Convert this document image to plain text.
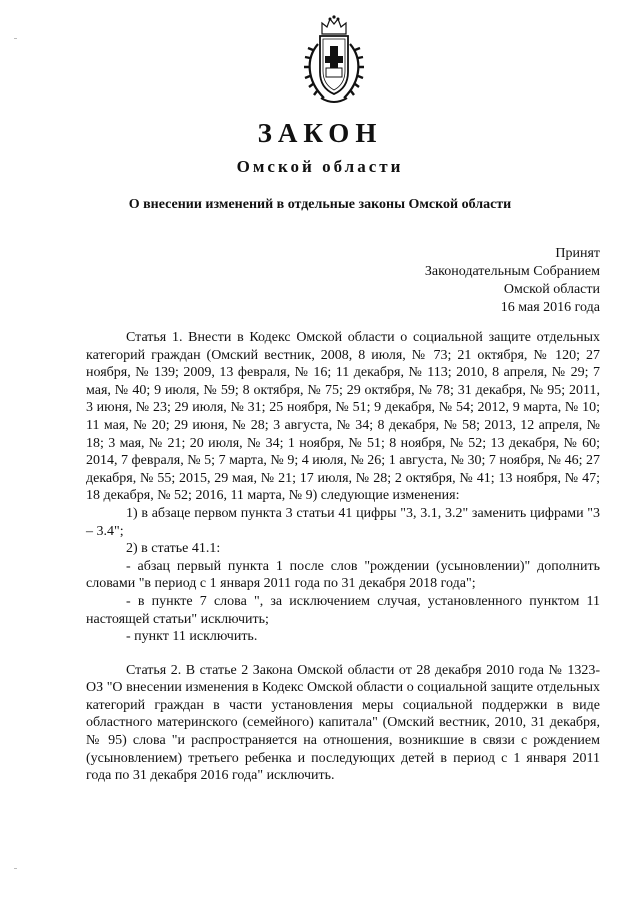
ЗАКОН
Омской области
О внесении изменений в отдельные законы Омской области
Принят
Законодательным Собранием
Омской области
16 мая 2016 года

Статья 1. Внести в Кодекс Омской области о социальной защите отдельных категорий граждан (Омский вестник, 2008, 8 июля, № 73; 21 октября, № 120; 27 ноября, № 139; 2009, 13 февраля, № 16; 11 декабря, № 113; 2010, 8 апреля, № 29; 7 мая, № 40; 9 июля, № 59; 8 октября, № 75; 29 октября, № 78; 31 декабря, № 95; 2011, 3 июня, № 23; 29 июля, № 31; 25 ноября, № 51; 9 декабря, № 54; 2012, 9 марта, № 10; 11 мая, № 20; 29 июня, № 28; 3 августа, № 34; 8 декабря, № 58; 2013, 12 апреля, № 18; 3 мая, № 21; 20 июля, № 34; 1 ноября, № 51; 8 ноября, № 52; 13 декабря, № 60; 2014, 7 февраля, № 5; 7 марта, № 9; 4 июля, № 26; 1 августа, № 30; 7 ноября, № 46; 27 декабря, № 55; 2015, 29 мая, № 21; 17 июля, № 28; 2 октября, № 41; 13 ноября, № 47; 18 декабря, № 52; 2016, 11 марта, № 9) следующие изменения:

1) в абзаце первом пункта 3 статьи 41 цифры "3, 3.1, 3.2" заменить цифрами "3 – 3.4";

2) в статье 41.1:

- абзац первый пункта 1 после слов "рождении (усыновлении)" дополнить словами "в период с 1 января 2011 года по 31 декабря 2018 года";

- в пункте 7 слова ", за исключением случая, установленного пунктом 11 настоящей статьи" исключить;

- пункт 11 исключить.

Статья 2. В статье 2 Закона Омской области от 28 декабря 2010 года № 1323-ОЗ "О внесении изменения в Кодекс Омской области о социальной защите отдельных категорий граждан в части установления меры социальной поддержки в виде областного материнского (семейного) капитала" (Омский вестник, 2010, 31 декабря, № 95) слова "и распространяется на отношения, возникшие в связи с рождением (усыновлением) третьего ребенка и последующих детей в период с 1 января 2011 года по 31 декабря 2016 года" исключить.
